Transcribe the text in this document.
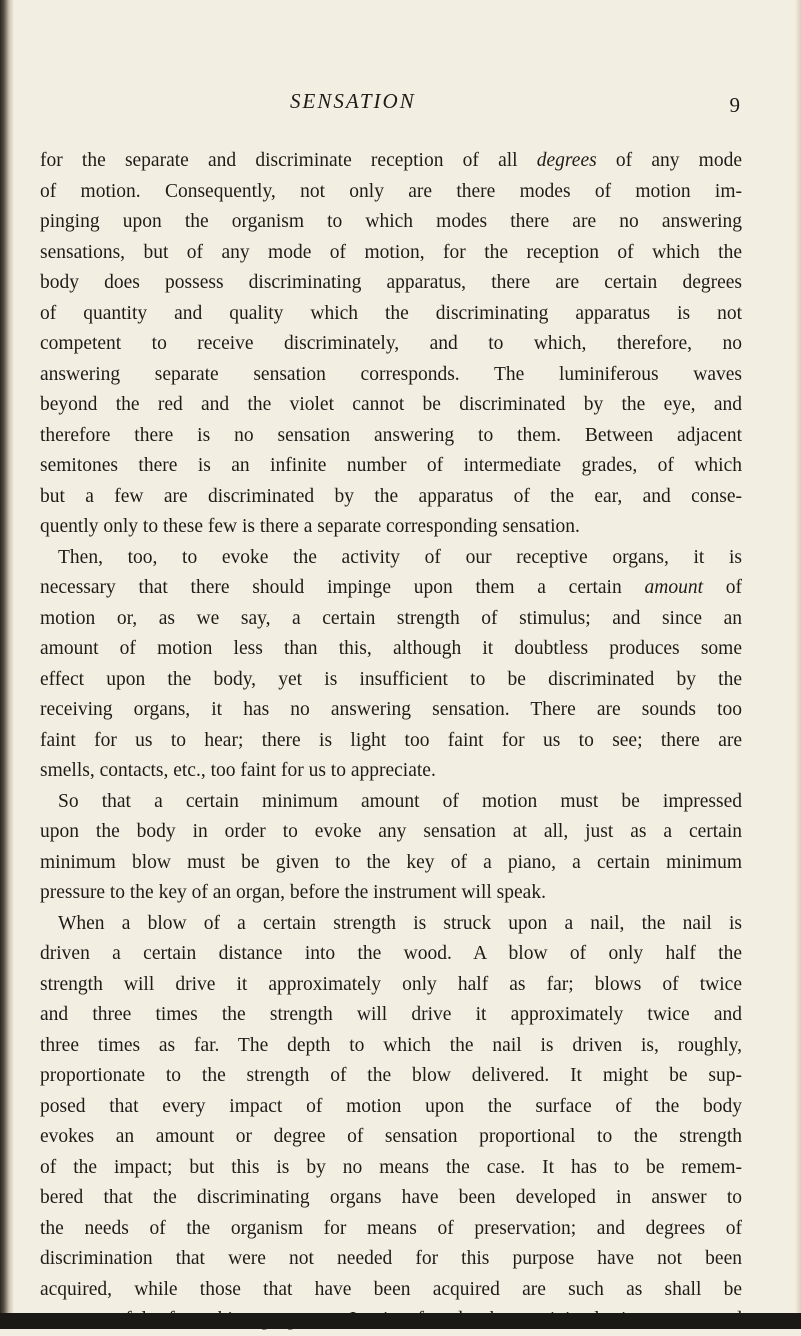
SENSATION	9
for the separate and discriminate reception of all degrees of any mode
of motion. Consequently, not only are there modes of motion im-
pinging upon the organism to which modes there are no answering
sensations, but of any mode of motion, for the reception of which the
body does possess discriminating apparatus, there are certain degrees
of quantity and quality which the discriminating apparatus is not
competent to receive discriminately, and to which, therefore, no
answering separate sensation corresponds. The luminiferous waves
beyond the red and the violet cannot be discriminated by the eye, and
therefore there is no sensation answering to them. Between adjacent
semitones there is an infinite number of intermediate grades, of which
but a few are discriminated by the apparatus of the ear, and conse-
quently only to these few is there a separate corresponding sensation.
Then, too, to evoke the activity of our receptive organs, it is
necessary that there should impinge upon them a certain amount of
motion or, as we say, a certain strength of stimulus; and since an
amount of motion less than this, although it doubtless produces some
effect upon the body, yet is insufficient to be discriminated by the
receiving organs, it has no answering sensation. There are sounds too
faint for us to hear; there is light too faint for us to see; there are
smells, contacts, etc., too faint for us to appreciate.
So that a certain minimum amount of motion must be impressed
upon the body in order to evoke any sensation at all, just as a certain
minimum blow must be given to the key of a piano, a certain minimum
pressure to the key of an organ, before the instrument will speak.
When a blow of a certain strength is struck upon a nail, the nail is
driven a certain distance into the wood. A blow of only half the
strength will drive it approximately only half as far; blows of twice
and three times the strength will drive it approximately twice and
three times as far. The depth to which the nail is driven is, roughly,
proportionate to the strength of the blow delivered. It might be sup-
posed that every impact of motion upon the surface of the body
evokes an amount or degree of sensation proportional to the strength
of the impact; but this is by no means the case. It has to be remem-
bered that the discriminating organs have been developed in answer to
the needs of the organism for means of preservation; and degrees of
discrimination that were not needed for this purpose have not been
acquired, while those that have been acquired are such as shall be
